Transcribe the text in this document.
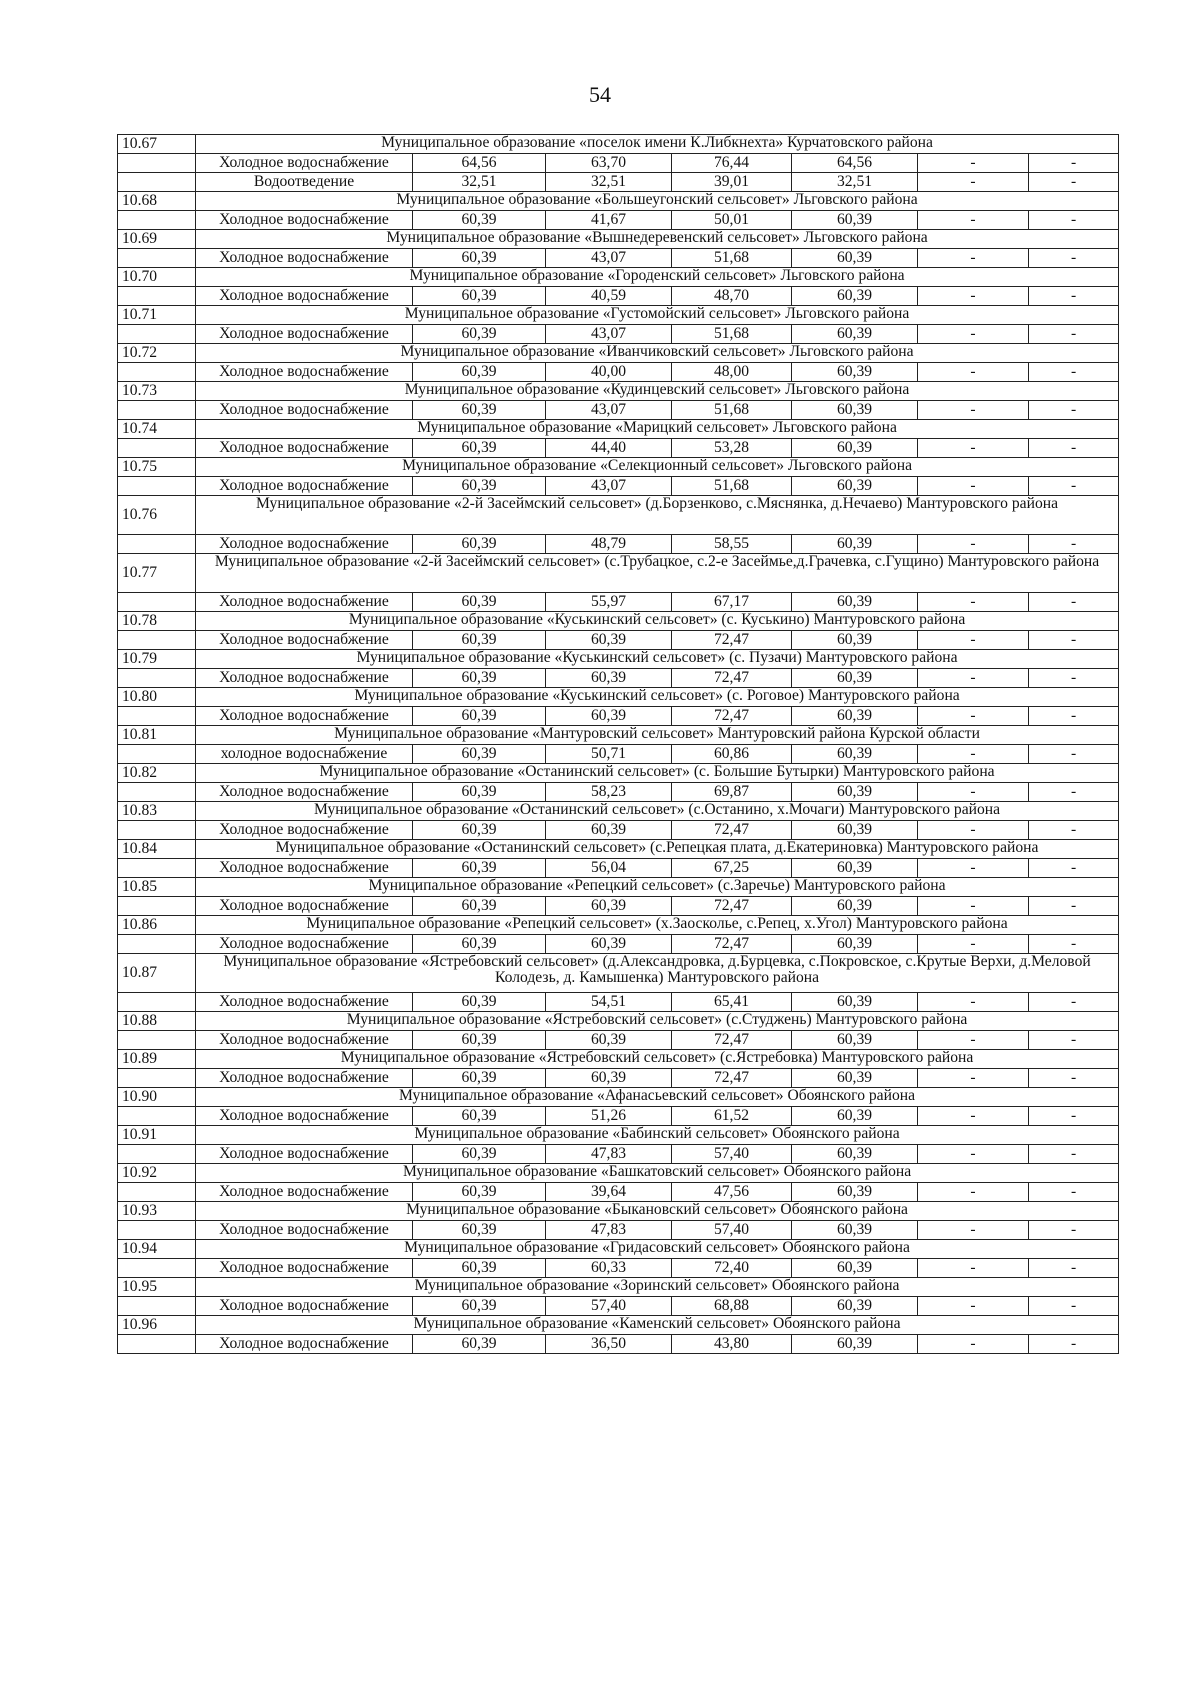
54
10.67	Муниципальное образование «поселок имени К.Либкнехта» Курчатовского района						
	Холодное водоснабжение	64,56	63,70	76,44	64,56	-	-
	Водоотведение	32,51	32,51	39,01	32,51	-	-
10.68	Муниципальное образование «Большеугонский сельсовет» Льговского района						
	Холодное водоснабжение	60,39	41,67	50,01	60,39	-	-
10.69	Муниципальное образование «Вышнедеревенский сельсовет» Льговского района						
	Холодное водоснабжение	60,39	43,07	51,68	60,39	-	-
10.70	Муниципальное образование «Городенский сельсовет» Льговского района						
	Холодное водоснабжение	60,39	40,59	48,70	60,39	-	-
10.71	Муниципальное образование «Густомойский сельсовет» Льговского района						
	Холодное водоснабжение	60,39	43,07	51,68	60,39	-	-
10.72	Муниципальное образование «Иванчиковский сельсовет» Льговского района						
	Холодное водоснабжение	60,39	40,00	48,00	60,39	-	-
10.73	Муниципальное образование «Кудинцевский сельсовет» Льговского района						
	Холодное водоснабжение	60,39	43,07	51,68	60,39	-	-
10.74	Муниципальное образование «Марицкий сельсовет» Льговского района						
	Холодное водоснабжение	60,39	44,40	53,28	60,39	-	-
10.75	Муниципальное образование «Селекционный сельсовет» Льговского района						
	Холодное водоснабжение	60,39	43,07	51,68	60,39	-	-
10.76	Муниципальное образование «2-й Засеймский сельсовет» (д.Борзенково, с.Мяснянка, д.Нечаево) Мантуровского района						
	Холодное водоснабжение	60,39	48,79	58,55	60,39	-	-
10.77	Муниципальное образование «2-й Засеймский сельсовет» (с.Трубацкое, с.2-е Засеймье,д.Грачевка, с.Гущино) Мантуровского района						
	Холодное водоснабжение	60,39	55,97	67,17	60,39	-	-
10.78	Муниципальное образование «Куськинский сельсовет» (с. Куськино) Мантуровского района						
	Холодное водоснабжение	60,39	60,39	72,47	60,39	-	-
10.79	Муниципальное образование «Куськинский сельсовет» (с. Пузачи) Мантуровского района						
	Холодное водоснабжение	60,39	60,39	72,47	60,39	-	-
10.80	Муниципальное образование «Куськинский сельсовет» (с. Роговое) Мантуровского района						
	Холодное водоснабжение	60,39	60,39	72,47	60,39	-	-
10.81	Муниципальное образование «Мантуровский сельсовет» Мантуровский района Курской области						
	холодное водоснабжение	60,39	50,71	60,86	60,39	-	-
10.82	Муниципальное образование «Останинский сельсовет» (с. Большие Бутырки) Мантуровского района						
	Холодное водоснабжение	60,39	58,23	69,87	60,39	-	-
10.83	Муниципальное образование «Останинский сельсовет» (с.Останино, х.Мочаги) Мантуровского района						
	Холодное водоснабжение	60,39	60,39	72,47	60,39	-	-
10.84	Муниципальное образование «Останинский сельсовет» (с.Репецкая плата, д.Екатериновка) Мантуровского района						
	Холодное водоснабжение	60,39	56,04	67,25	60,39	-	-
10.85	Муниципальное образование «Репецкий сельсовет» (с.Заречье) Мантуровского района						
	Холодное водоснабжение	60,39	60,39	72,47	60,39	-	-
10.86	Муниципальное образование «Репецкий сельсовет» (х.Заосколье, с.Репец, х.Угол) Мантуровского района						
	Холодное водоснабжение	60,39	60,39	72,47	60,39	-	-
10.87	Муниципальное образование «Ястребовский сельсовет» (д.Александровка, д.Бурцевка, с.Покровское, с.Крутые Верхи, д.Меловой Колодезь, д. Камышенка) Мантуровского района						
	Холодное водоснабжение	60,39	54,51	65,41	60,39	-	-
10.88	Муниципальное образование «Ястребовский сельсовет» (с.Студжень) Мантуровского района						
	Холодное водоснабжение	60,39	60,39	72,47	60,39	-	-
10.89	Муниципальное образование «Ястребовский сельсовет» (с.Ястребовка) Мантуровского района						
	Холодное водоснабжение	60,39	60,39	72,47	60,39	-	-
10.90	Муниципальное образование «Афанасьевский сельсовет» Обоянского района						
	Холодное водоснабжение	60,39	51,26	61,52	60,39	-	-
10.91	Муниципальное образование «Бабинский сельсовет» Обоянского района						
	Холодное водоснабжение	60,39	47,83	57,40	60,39	-	-
10.92	Муниципальное образование «Башкатовский сельсовет» Обоянского района						
	Холодное водоснабжение	60,39	39,64	47,56	60,39	-	-
10.93	Муниципальное образование «Быкановский сельсовет» Обоянского района						
	Холодное водоснабжение	60,39	47,83	57,40	60,39	-	-
10.94	Муниципальное образование «Гридасовский сельсовет» Обоянского района						
	Холодное водоснабжение	60,39	60,33	72,40	60,39	-	-
10.95	Муниципальное образование «Зоринский сельсовет» Обоянского района						
	Холодное водоснабжение	60,39	57,40	68,88	60,39	-	-
10.96	Муниципальное образование «Каменский сельсовет» Обоянского района						
	Холодное водоснабжение	60,39	36,50	43,80	60,39	-	-
